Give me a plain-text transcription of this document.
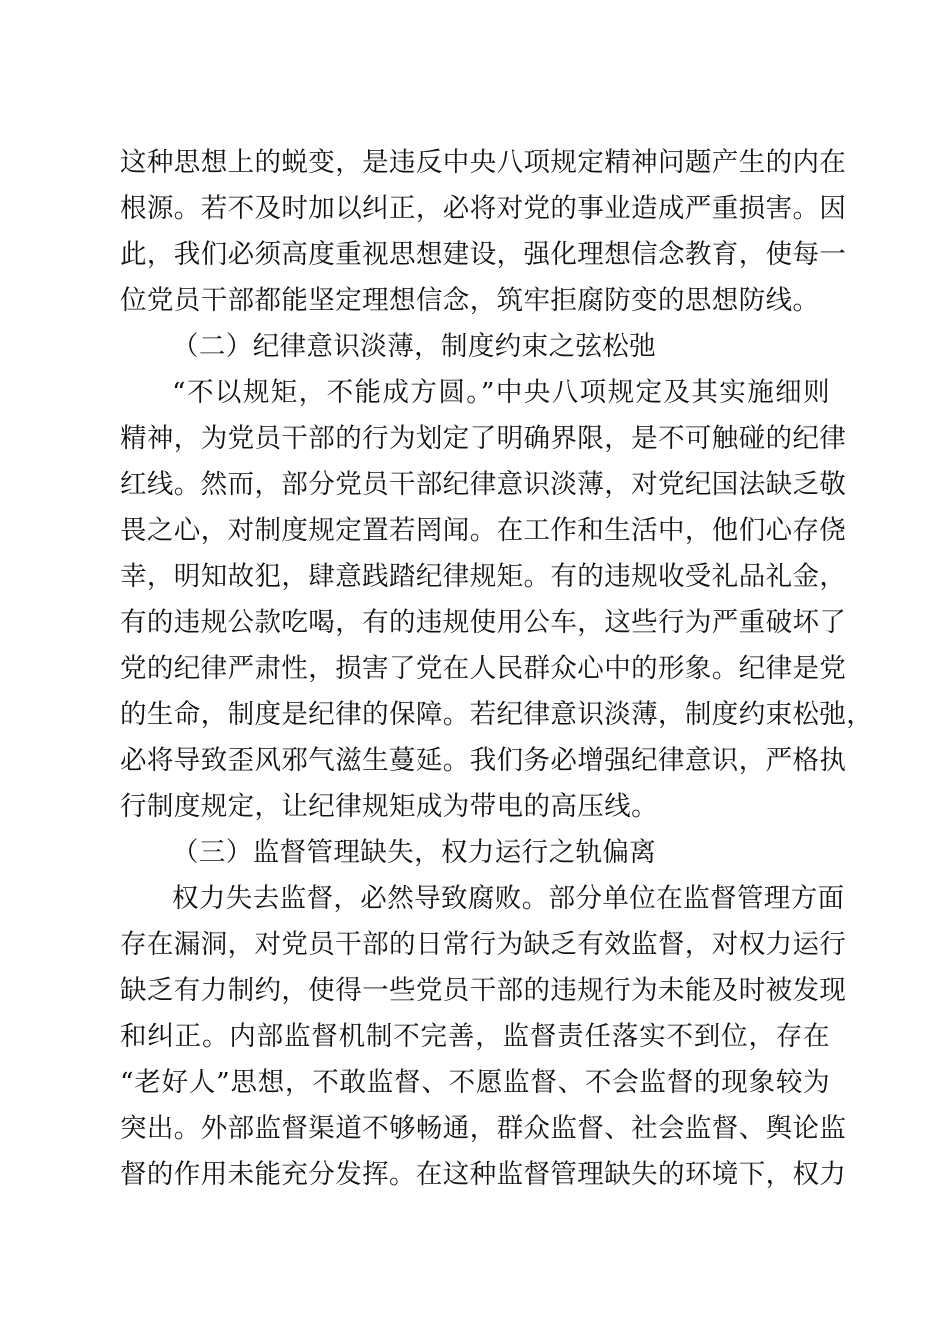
这种思想上的蜕变，是违反中央八项规定精神问题产生的内在
根源。若不及时加以纠正，必将对党的事业造成严重损害。因
此，我们必须高度重视思想建设，强化理想信念教育，使每一
位党员干部都能坚定理想信念，筑牢拒腐防变的思想防线。
（二）纪律意识淡薄，制度约束之弦松弛
“不以规矩，不能成方圆。”中央八项规定及其实施细则
精神，为党员干部的行为划定了明确界限，是不可触碰的纪律
红线。然而，部分党员干部纪律意识淡薄，对党纪国法缺乏敬
畏之心，对制度规定置若罔闻。在工作和生活中，他们心存侥
幸，明知故犯，肆意践踏纪律规矩。有的违规收受礼品礼金，
有的违规公款吃喝，有的违规使用公车，这些行为严重破坏了
党的纪律严肃性，损害了党在人民群众心中的形象。纪律是党
的生命，制度是纪律的保障。若纪律意识淡薄，制度约束松弛，
必将导致歪风邪气滋生蔓延。我们务必增强纪律意识，严格执
行制度规定，让纪律规矩成为带电的高压线。
（三）监督管理缺失，权力运行之轨偏离
权力失去监督，必然导致腐败。部分单位在监督管理方面
存在漏洞，对党员干部的日常行为缺乏有效监督，对权力运行
缺乏有力制约，使得一些党员干部的违规行为未能及时被发现
和纠正。内部监督机制不完善，监督责任落实不到位，存在
“老好人”思想，不敢监督、不愿监督、不会监督的现象较为
突出。外部监督渠道不够畅通，群众监督、社会监督、舆论监
督的作用未能充分发挥。在这种监督管理缺失的环境下，权力
